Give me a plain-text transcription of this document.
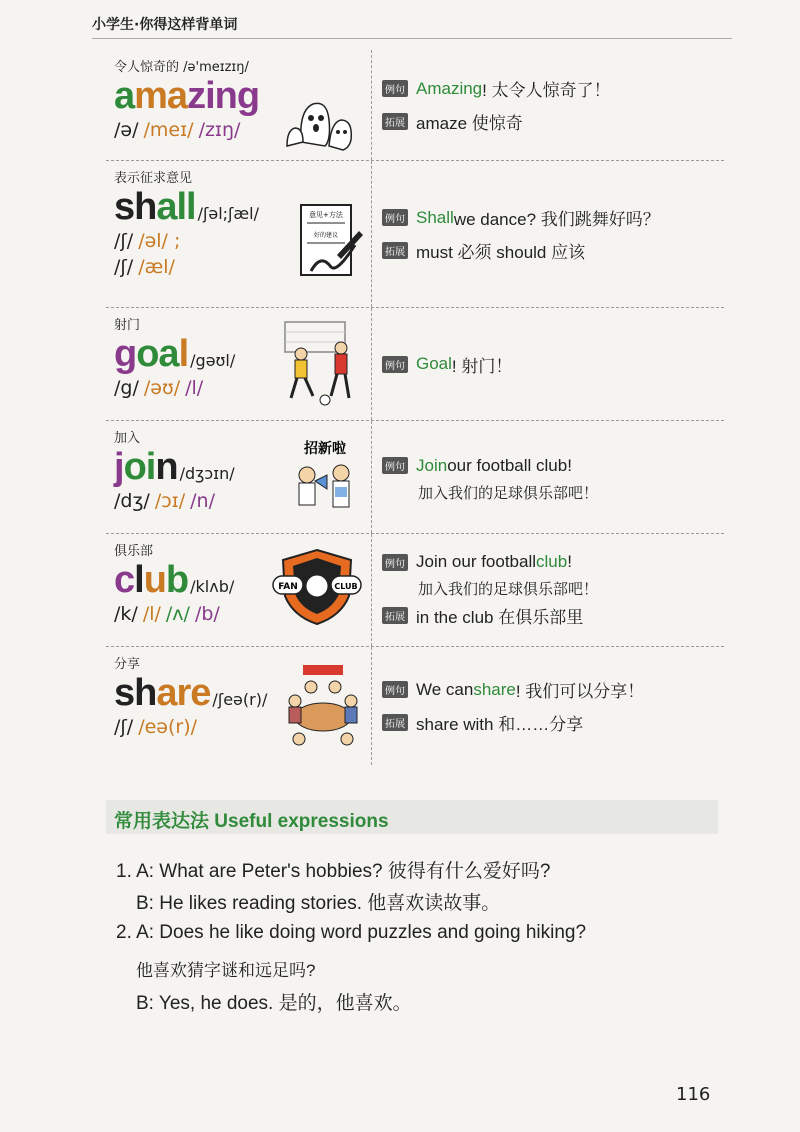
小学生·你得这样背单词
令人惊奇的 /ə'meɪzɪŋ/
amazing
/ə/ /meɪ/ /zɪŋ/
例句 Amazing ! 太令人惊奇了！
拓展 amaze 使惊奇
表示征求意见
shall /ʃəl;ʃæl/
/ʃ/ /əl/ ;
/ʃ/ /æl/
意见+方法
好的建议
例句 Shall we dance? 我们跳舞好吗？
拓展 must 必须 should 应该
射门
goal /gəʊl/
/g/ /əʊ/ /l/
例句 Goal ! 射门！
加入
join /dʒɔɪn/
/dʒ/ /ɔɪ/ /n/
招新啦
例句 Join our football club!
加入我们的足球俱乐部吧！
俱乐部
club /klʌb/
/k/ /l/ /ʌ/ /b/
FAN	CLUB
例句 Join our football club !
加入我们的足球俱乐部吧！
拓展 in the club 在俱乐部里
分享
share /ʃeə(r)/
/ʃ/ /eə(r)/
例句 We can share ! 我们可以分享！
拓展 share with 和……分享
常用表达法 Useful expressions
1. A: What are Peter's hobbies? 彼得有什么爱好吗?
B: He likes reading stories. 他喜欢读故事。
2. A: Does he like doing word puzzles and going hiking?
他喜欢猜字谜和远足吗?
B: Yes, he does. 是的，他喜欢。
116
